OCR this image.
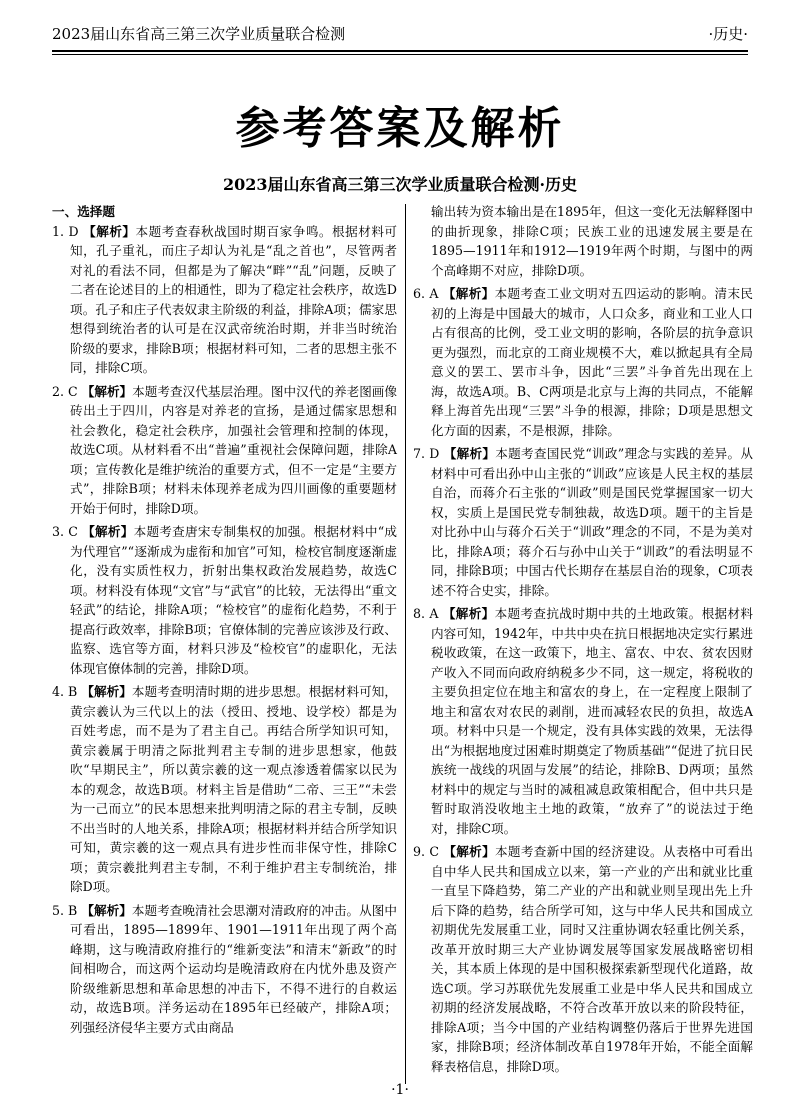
2023届山东省高三第三次学业质量联合检测	·历史·
参考答案及解析
2023届山东省高三第三次学业质量联合检测·历史
一、选择题

1. D 【解析】本题考查春秋战国时期百家争鸣。根据材料可知，孔子重礼，而庄子却认为礼是“乱之首也”，尽管两者对礼的看法不同，但都是为了解决“畔”“乱”问题，反映了二者在论述目的上的相通性，即为了稳定社会秩序，故选D项。孔子和庄子代表奴隶主阶级的利益，排除A项；儒家思想得到统治者的认可是在汉武帝统治时期，并非当时统治阶级的要求，排除B项；根据材料可知，二者的思想主张不同，排除C项。

2. C 【解析】本题考查汉代基层治理。图中汉代的养老图画像砖出土于四川，内容是对养老的宣扬，是通过儒家思想和社会教化，稳定社会秩序，加强社会管理和控制的体现，故选C项。从材料看不出“普遍”重视社会保障问题，排除A项；宣传教化是维护统治的重要方式，但不一定是“主要方式”，排除B项；材料未体现养老成为四川画像的重要题材开始于何时，排除D项。

3. C 【解析】本题考查唐宋专制集权的加强。根据材料中“成为代理官”“逐渐成为虚衔和加官”可知，检校官制度逐渐虚化，没有实质性权力，折射出集权政治发展趋势，故选C项。材料没有体现“文官”与“武官”的比较，无法得出“重文轻武”的结论，排除A项；“检校官”的虚衔化趋势，不利于提高行政效率，排除B项；官僚体制的完善应该涉及行政、监察、选官等方面，材料只涉及“检校官”的虚职化，无法体现官僚体制的完善，排除D项。

4. B 【解析】本题考查明清时期的进步思想。根据材料可知，黄宗羲认为三代以上的法（授田、授地、设学校）都是为百姓考虑，而不是为了君主自己。再结合所学知识可知，黄宗羲属于明清之际批判君主专制的进步思想家，他鼓吹“早期民主”，所以黄宗羲的这一观点渗透着儒家以民为本的观念，故选B项。材料主旨是借助“二帝、三王”“未尝为一己而立”的民本思想来批判明清之际的君主专制，反映不出当时的人地关系，排除A项；根据材料并结合所学知识可知，黄宗羲的这一观点具有进步性而非保守性，排除C项；黄宗羲批判君主专制，不利于维护君主专制统治，排除D项。

5. B 【解析】本题考查晚清社会思潮对清政府的冲击。从图中可看出，1895—1899年、1901—1911年出现了两个高峰期，这与晚清政府推行的“维新变法”和清末“新政”的时间相吻合，而这两个运动均是晚清政府在内忧外患及资产阶级维新思想和革命思想的冲击下，不得不进行的自救运动，故选B项。洋务运动在1895年已经破产，排除A项；列强经济侵华主要方式由商品

输出转为资本输出是在1895年，但这一变化无法解释图中的曲折现象，排除C项；民族工业的迅速发展主要是在1895—1911年和1912—1919年两个时期，与图中的两个高峰期不对应，排除D项。

6. A 【解析】本题考查工业文明对五四运动的影响。清末民初的上海是中国最大的城市，人口众多，商业和工业人口占有很高的比例，受工业文明的影响，各阶层的抗争意识更为强烈，而北京的工商业规模不大，难以掀起具有全局意义的罢工、罢市斗争，因此“三罢”斗争首先出现在上海，故选A项。B、C两项是北京与上海的共同点，不能解释上海首先出现“三罢”斗争的根源，排除；D项是思想文化方面的因素，不是根源，排除。

7. D 【解析】本题考查国民党“训政”理念与实践的差异。从材料中可看出孙中山主张的“训政”应该是人民主权的基层自治，而蒋介石主张的“训政”则是国民党掌握国家一切大权，实质上是国民党专制独裁，故选D项。题干的主旨是对比孙中山与蒋介石关于“训政”理念的不同，不是为美对比，排除A项；蒋介石与孙中山关于“训政”的看法明显不同，排除B项；中国古代长期存在基层自治的现象，C项表述不符合史实，排除。

8. A 【解析】本题考查抗战时期中共的土地政策。根据材料内容可知，1942年，中共中央在抗日根据地决定实行累进税收政策，在这一政策下，地主、富农、中农、贫农因财产收入不同而向政府纳税多少不同，这一规定，将税收的主要负担定位在地主和富农的身上，在一定程度上限制了地主和富农对农民的剥削，进而减轻农民的负担，故选A项。材料中只是一个规定，没有具体实践的效果，无法得出“为根据地度过困难时期奠定了物质基础”“促进了抗日民族统一战线的巩固与发展”的结论，排除B、D两项；虽然材料中的规定与当时的减租减息政策相配合，但中共只是暂时取消没收地主土地的政策，“放弃了”的说法过于绝对，排除C项。

9. C 【解析】本题考查新中国的经济建设。从表格中可看出自中华人民共和国成立以来，第一产业的产出和就业比重一直呈下降趋势，第二产业的产出和就业则呈现出先上升后下降的趋势，结合所学可知，这与中华人民共和国成立初期优先发展重工业，同时又注重协调农轻重比例关系，改革开放时期三大产业协调发展等国家发展战略密切相关，其本质上体现的是中国积极探索新型现代化道路，故选C项。学习苏联优先发展重工业是中华人民共和国成立初期的经济发展战略，不符合改革开放以来的阶段特征，排除A项；当今中国的产业结构调整仍落后于世界先进国家，排除B项；经济体制改革自1978年开始，不能全面解释表格信息，排除D项。

·1·
